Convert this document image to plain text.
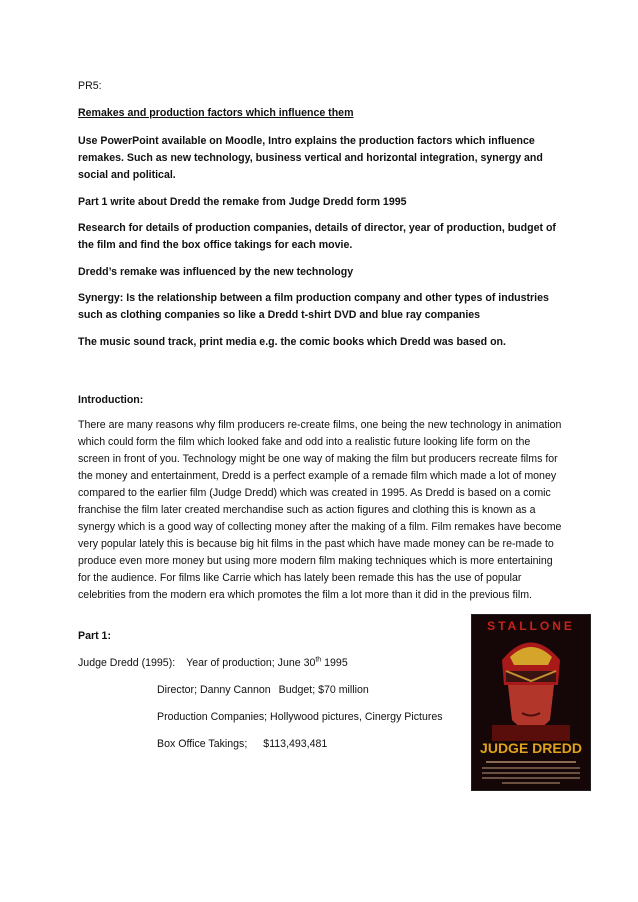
PR5:

Remakes and production factors which influence them

Use PowerPoint available on Moodle, Intro explains the production factors which influence remakes. Such as new technology, business vertical and horizontal integration, synergy and social and political.

Part 1 write about Dredd the remake from Judge Dredd form 1995

Research for details of production companies, details of director, year of production, budget of the film and find the box office takings for each movie.

Dredd’s remake was influenced by the new technology

Synergy: Is the relationship between a film production company and other types of industries such as clothing companies so like a Dredd t-shirt DVD and blue ray companies

The music sound track, print media e.g. the comic books which Dredd was based on.

Introduction:

There are many reasons why film producers re-create films, one being the new technology in animation which could form the film which looked fake and odd into a realistic future looking life form on the screen in front of you. Technology might be one way of making the film but producers recreate films for the money and entertainment, Dredd is a perfect example of a remade film which made a lot of money compared to the earlier film (Judge Dredd) which was created in 1995. As Dredd is based on a comic franchise the film later created merchandise such as action figures and clothing this is known as a synergy which is a good way of collecting money after the making of a film. Film remakes have become very popular lately this is because big hit films in the past which have made money can be re-made to produce even more money but using more modern film making techniques which is more entertaining for the audience. For films like Carrie which has lately been remade this has the use of popular celebrities from the modern era which promotes the film a lot more than it did in the previous film.

Part 1:

Judge Dredd (1995): Year of production; June 30th 1995

Director; Danny Cannon Budget; $70 million

Production Companies; Hollywood pictures, Cinergy Pictures

Box Office Takings; $113,493,481

STALLONE
JUDGE DREDD
